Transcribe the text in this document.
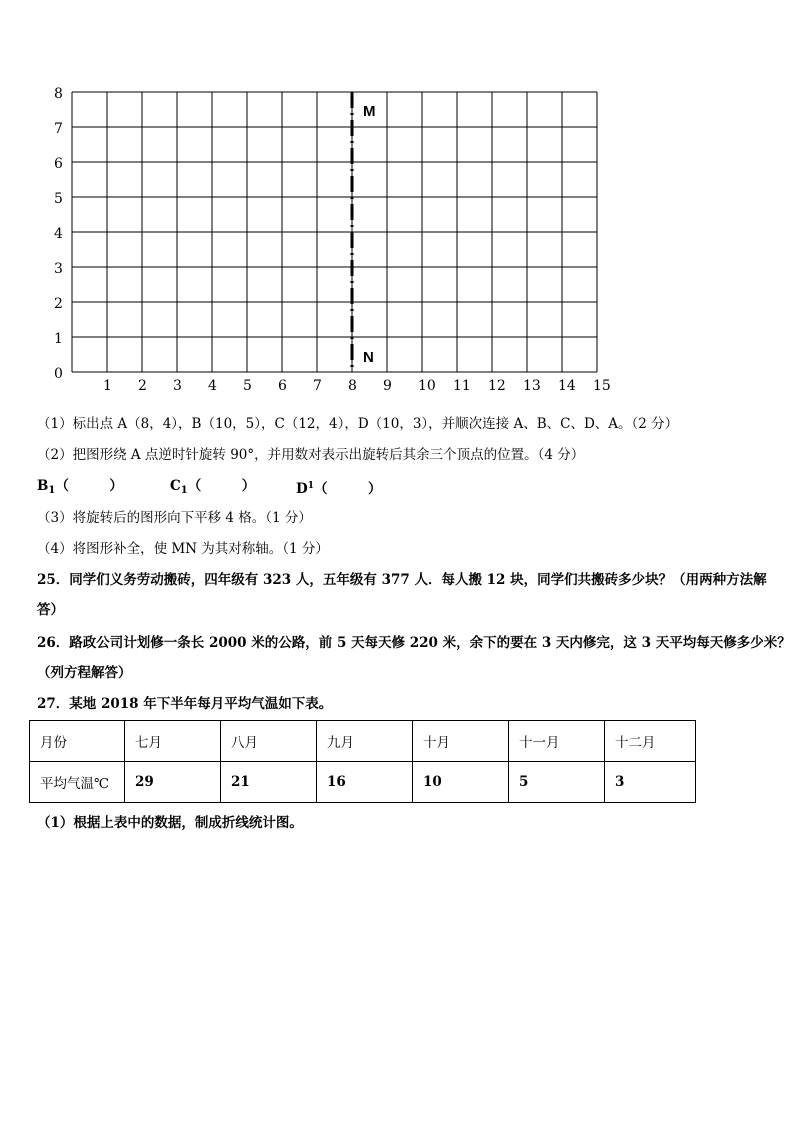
1 2 3 4 5 6 7 8 9 10 11 12 13 14 15
0
1
2
3
4
5
6
7
8
M
N
（1）标出点 A（8，4），B（10，5），C（12，4），D（10，3），并顺次连接 A、B、C、D、A。（2 分）
（2）把图形绕 A 点逆时针旋转 90°，并用数对表示出旋转后其余三个顶点的位置。（4 分）
$B_1$（　　　）	$C_1$（　　　）	$D^1$（　　　）
（3）将旋转后的图形向下平移 4 格。（1 分）
（4）将图形补全，使 MN 为其对称轴。（1 分）
25．同学们义务劳动搬砖，四年级有 323 人，五年级有 377 人．每人搬 12 块，同学们共搬砖多少块？（用两种方法解
答）
26．路政公司计划修一条长 2000 米的公路，前 5 天每天修 220 米，余下的要在 3 天内修完，这 3 天平均每天修多少米？
（列方程解答）
27．某地 2018 年下半年每月平均气温如下表。
月份	七月	八月	九月	十月	十一月	十二月
平均气温℃	29	21	16	10	5	3
（1）根据上表中的数据，制成折线统计图。
